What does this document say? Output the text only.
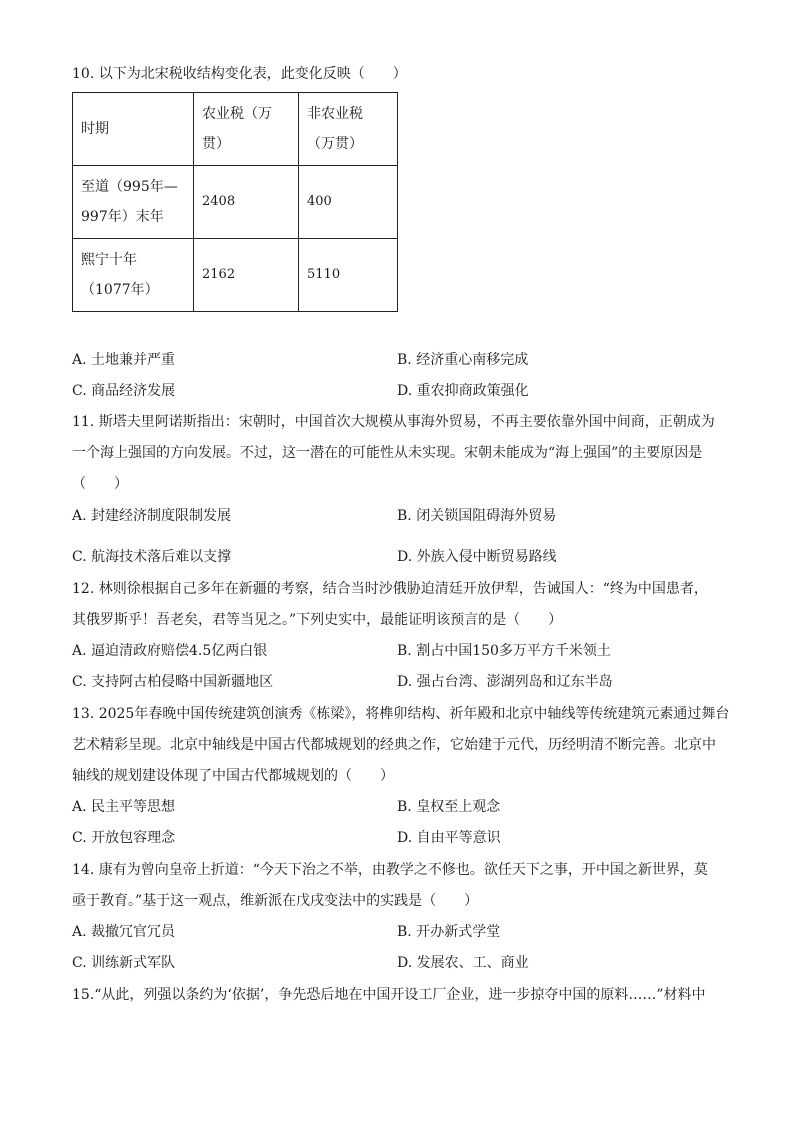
10. 以下为北宋税收结构变化表，此变化反映（　　）
时期	农业税（万贯）	非农业税（万贯）
至道（995年—997年）末年	2408	400
熙宁十年（1077年）	2162	5110
A. 土地兼并严重	B. 经济重心南移完成
C. 商品经济发展	D. 重农抑商政策强化
11. 斯塔夫里阿诺斯指出：宋朝时，中国首次大规模从事海外贸易，不再主要依靠外国中间商，正朝成为
一个海上强国的方向发展。不过，这一潜在的可能性从未实现。宋朝未能成为“海上强国”的主要原因是
（　　）
A. 封建经济制度限制发展	B. 闭关锁国阻碍海外贸易
C. 航海技术落后难以支撑	D. 外族入侵中断贸易路线
12. 林则徐根据自己多年在新疆的考察，结合当时沙俄胁迫清廷开放伊犁，告诫国人：“终为中国患者，
其俄罗斯乎！吾老矣，君等当见之。”下列史实中，最能证明该预言的是（　　）
A. 逼迫清政府赔偿4.5亿两白银	B. 割占中国150多万平方千米领土
C. 支持阿古柏侵略中国新疆地区	D. 强占台湾、澎湖列岛和辽东半岛
13. 2025年春晚中国传统建筑创演秀《栋梁》，将榫卯结构、祈年殿和北京中轴线等传统建筑元素通过舞台
艺术精彩呈现。北京中轴线是中国古代都城规划的经典之作，它始建于元代，历经明清不断完善。北京中
轴线的规划建设体现了中国古代都城规划的（　　）
A. 民主平等思想	B. 皇权至上观念
C. 开放包容理念	D. 自由平等意识
14. 康有为曾向皇帝上折道：“今天下治之不举，由教学之不修也。欲任天下之事，开中国之新世界，莫
亟于教育。”基于这一观点，维新派在戊戌变法中的实践是（　　）
A. 裁撤冗官冗员	B. 开办新式学堂
C. 训练新式军队	D. 发展农、工、商业
15.“从此，列强以条约为‘依据’，争先恐后地在中国开设工厂企业，进一步掠夺中国的原料……”材料中
